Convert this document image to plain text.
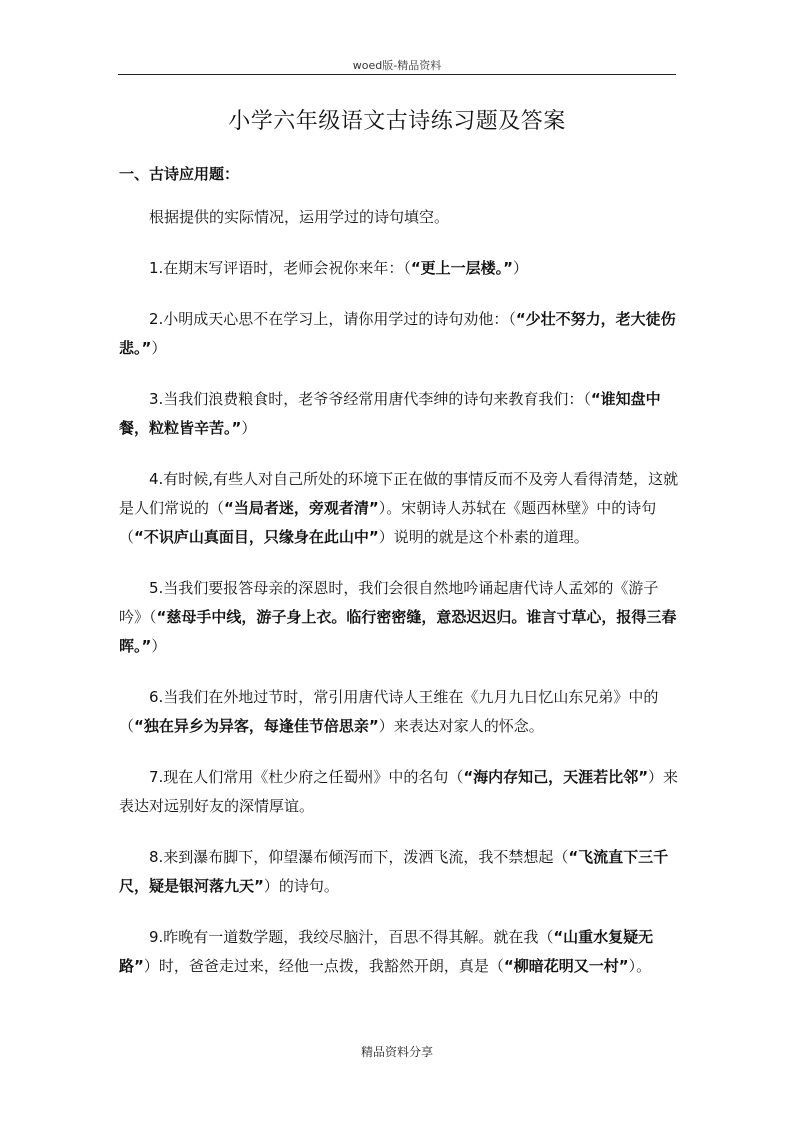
woed版-精品资料
小学六年级语文古诗练习题及答案
一、古诗应用题：

根据提供的实际情况，运用学过的诗句填空。

1.在期末写评语时，老师会祝你来年：（“更上一层楼。”）

2.小明成天心思不在学习上，请你用学过的诗句劝他：（“少壮不努力，老大徒伤悲。”）

3.当我们浪费粮食时，老爷爷经常用唐代李绅的诗句来教育我们：（“谁知盘中餐，粒粒皆辛苦。”）

4.有时候,有些人对自己所处的环境下正在做的事情反而不及旁人看得清楚，这就是人们常说的（“当局者迷，旁观者清”）。宋朝诗人苏轼在《题西林壁》中的诗句（“不识庐山真面目，只缘身在此山中”）说明的就是这个朴素的道理。

5.当我们要报答母亲的深恩时，我们会很自然地吟诵起唐代诗人孟郊的《游子吟》（“慈母手中线，游子身上衣。临行密密缝，意恐迟迟归。谁言寸草心，报得三春晖。”）

6.当我们在外地过节时，常引用唐代诗人王维在《九月九日忆山东兄弟》中的（“独在异乡为异客，每逢佳节倍思亲”）来表达对家人的怀念。

7.现在人们常用《杜少府之任蜀州》中的名句（“海内存知己，天涯若比邻”）来表达对远别好友的深情厚谊。

8.来到瀑布脚下，仰望瀑布倾泻而下，泼洒飞流，我不禁想起（“飞流直下三千尺，疑是银河落九天”）的诗句。

9.昨晚有一道数学题，我绞尽脑汁，百思不得其解。就在我（“山重水复疑无路”）时，爸爸走过来，经他一点拨，我豁然开朗，真是（“柳暗花明又一村”）。

精品资料分享
